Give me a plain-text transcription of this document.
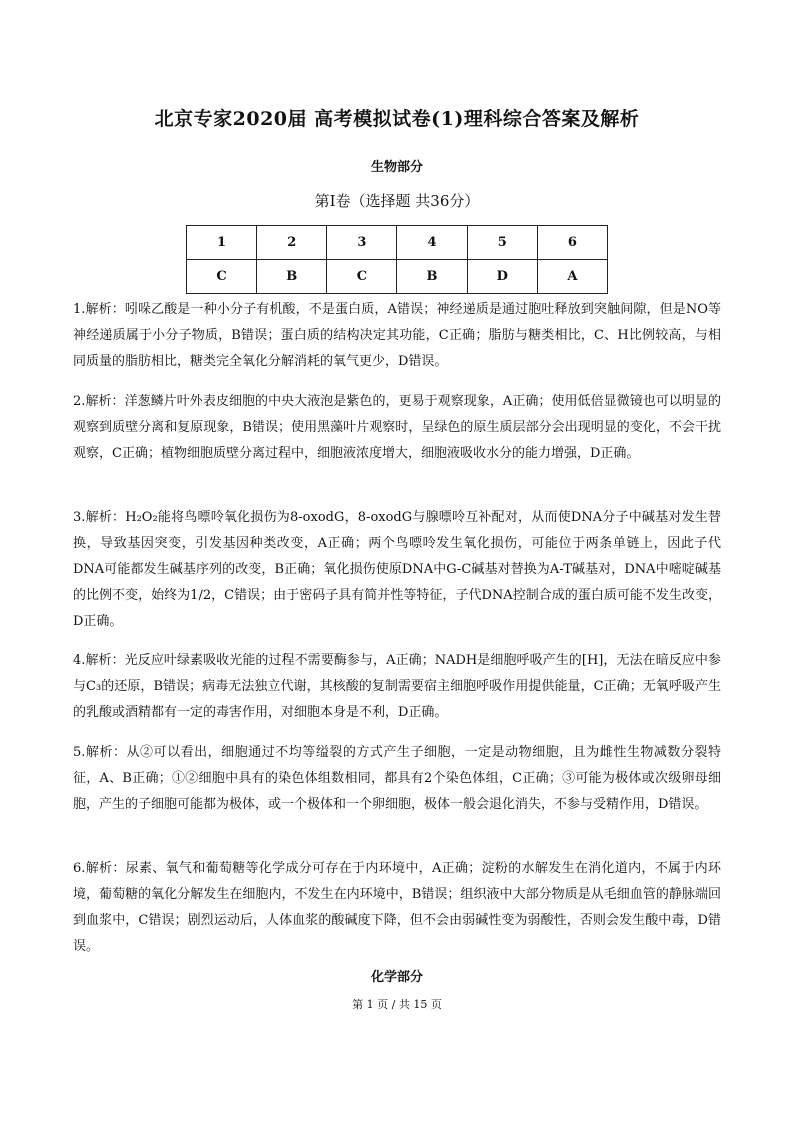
北京专家2020届 高考模拟试卷(1)理科综合答案及解析
生物部分
第Ⅰ卷（选择题 共36分）
1	2	3	4	5	6
C	B	C	B	D	A

1.解析：吲哚乙酸是一种小分子有机酸，不是蛋白质，A错误；神经递质是通过胞吐释放到突触间隙，但是NO等神经递质属于小分子物质，B错误；蛋白质的结构决定其功能，C正确；脂肪与糖类相比，C、H比例较高，与相同质量的脂肪相比，糖类完全氧化分解消耗的氧气更少，D错误。

2.解析：洋葱鳞片叶外表皮细胞的中央大液泡是紫色的，更易于观察现象，A正确；使用低倍显微镜也可以明显的观察到质壁分离和复原现象，B错误；使用黑藻叶片观察时，呈绿色的原生质层部分会出现明显的变化，不会干扰观察，C正确；植物细胞质壁分离过程中，细胞液浓度增大，细胞液吸收水分的能力增强，D正确。

3.解析：H₂O₂能将鸟嘌呤氧化损伤为8-oxodG，8-oxodG与腺嘌呤互补配对，从而使DNA分子中碱基对发生替换，导致基因突变，引发基因种类改变，A正确；两个鸟嘌呤发生氧化损伤，可能位于两条单链上，因此子代DNA可能都发生碱基序列的改变，B正确；氧化损伤使原DNA中G-C碱基对替换为A-T碱基对，DNA中嘧啶碱基的比例不变，始终为1/2，C错误；由于密码子具有简并性等特征，子代DNA控制合成的蛋白质可能不发生改变，D正确。

4.解析：光反应叶绿素吸收光能的过程不需要酶参与，A正确；NADH是细胞呼吸产生的[H]，无法在暗反应中参与C₃的还原，B错误；病毒无法独立代谢，其核酸的复制需要宿主细胞呼吸作用提供能量，C正确；无氧呼吸产生的乳酸或酒精都有一定的毒害作用，对细胞本身是不利，D正确。

5.解析：从②可以看出，细胞通过不均等缢裂的方式产生子细胞，一定是动物细胞，且为雌性生物减数分裂特征，A、B正确；①②细胞中具有的染色体组数相同，都具有2个染色体组，C正确；③可能为极体或次级卵母细胞，产生的子细胞可能都为极体，或一个极体和一个卵细胞，极体一般会退化消失，不参与受精作用，D错误。

6.解析：尿素、氧气和葡萄糖等化学成分可存在于内环境中，A正确；淀粉的水解发生在消化道内，不属于内环境，葡萄糖的氧化分解发生在细胞内，不发生在内环境中，B错误；组织液中大部分物质是从毛细血管的静脉端回到血浆中，C错误；剧烈运动后，人体血浆的酸碱度下降，但不会由弱碱性变为弱酸性，否则会发生酸中毒，D错误。

化学部分
第 1 页 / 共 15 页
